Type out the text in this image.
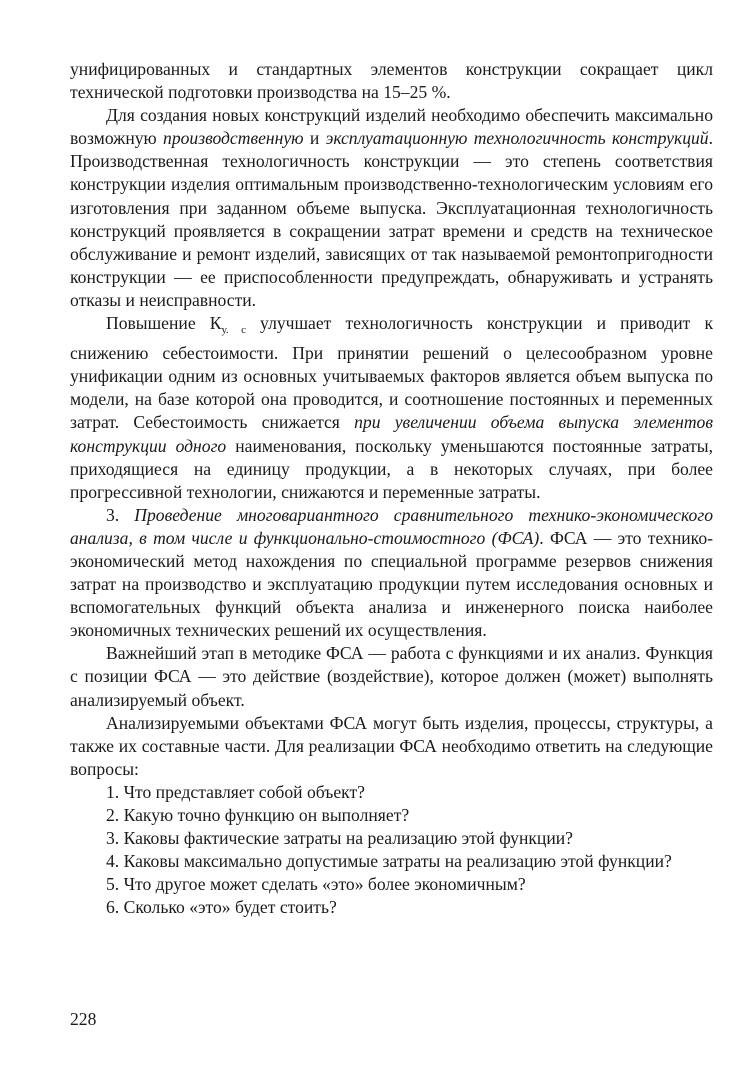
унифицированных и стандартных элементов конструкции сокращает цикл технической подготовки производства на 15–25 %.

Для создания новых конструкций изделий необходимо обеспечить максимально возможную производственную и эксплуатационную технологичность конструкций. Производственная технологичность конструкции — это степень соответствия конструкции изделия оптимальным производственно-технологическим условиям его изготовления при заданном объеме выпуска. Эксплуатационная технологичность конструкций проявляется в сокращении затрат времени и средств на техническое обслуживание и ремонт изделий, зависящих от так называемой ремонтопригодности конструкции — ее приспособленности предупреждать, обнаруживать и устранять отказы и неисправности.

Повышение $К_{у. с}$ улучшает технологичность конструкции и приводит к снижению себестоимости. При принятии решений о целесообразном уровне унификации одним из основных учитываемых факторов является объем выпуска по модели, на базе которой она проводится, и соотношение постоянных и переменных затрат. Себестоимость снижается при увеличении объема выпуска элементов конструкции одного наименования, поскольку уменьшаются постоянные затраты, приходящиеся на единицу продукции, а в некоторых случаях, при более прогрессивной технологии, снижаются и переменные затраты.

3. Проведение многовариантного сравнительного технико-экономического анализа, в том числе и функционально-стоимостного (ФСА). ФСА — это технико-экономический метод нахождения по специальной программе резервов снижения затрат на производство и эксплуатацию продукции путем исследования основных и вспомогательных функций объекта анализа и инженерного поиска наиболее экономичных технических решений их осуществления.

Важнейший этап в методике ФСА — работа с функциями и их анализ. Функция с позиции ФСА — это действие (воздействие), которое должен (может) выполнять анализируемый объект.

Анализируемыми объектами ФСА могут быть изделия, процессы, структуры, а также их составные части. Для реализации ФСА необходимо ответить на следующие вопросы:

1. Что представляет собой объект?

2. Какую точно функцию он выполняет?

3. Каковы фактические затраты на реализацию этой функции?

4. Каковы максимально допустимые затраты на реализацию этой функции?

5. Что другое может сделать «это» более экономичным?

6. Сколько «это» будет стоить?

228
